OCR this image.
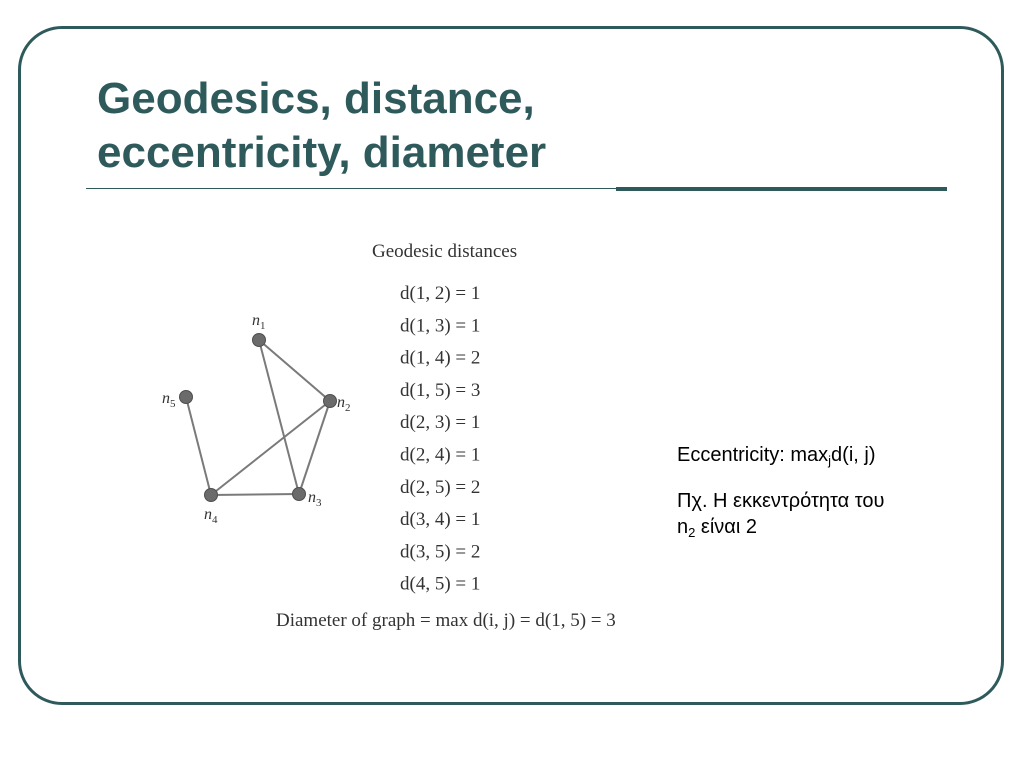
Geodesics, distance,
eccentricity, diameter
$n_1$
$n_2$
$n_3$
$n_4$
$n_5$
Geodesic distances
d(1, 2) = 1
d(1, 3) = 1
d(1, 4) = 2
d(1, 5) = 3
d(2, 3) = 1
d(2, 4) = 1
d(2, 5) = 2
d(3, 4) = 1
d(3, 5) = 2
d(4, 5) = 1
Diameter of graph = max d(i, j) = d(1, 5) = 3
Eccentricity: $\max_jd(i$, j)
Πχ. Η εκκεντρότητα του
$n_2$ είναι 2
